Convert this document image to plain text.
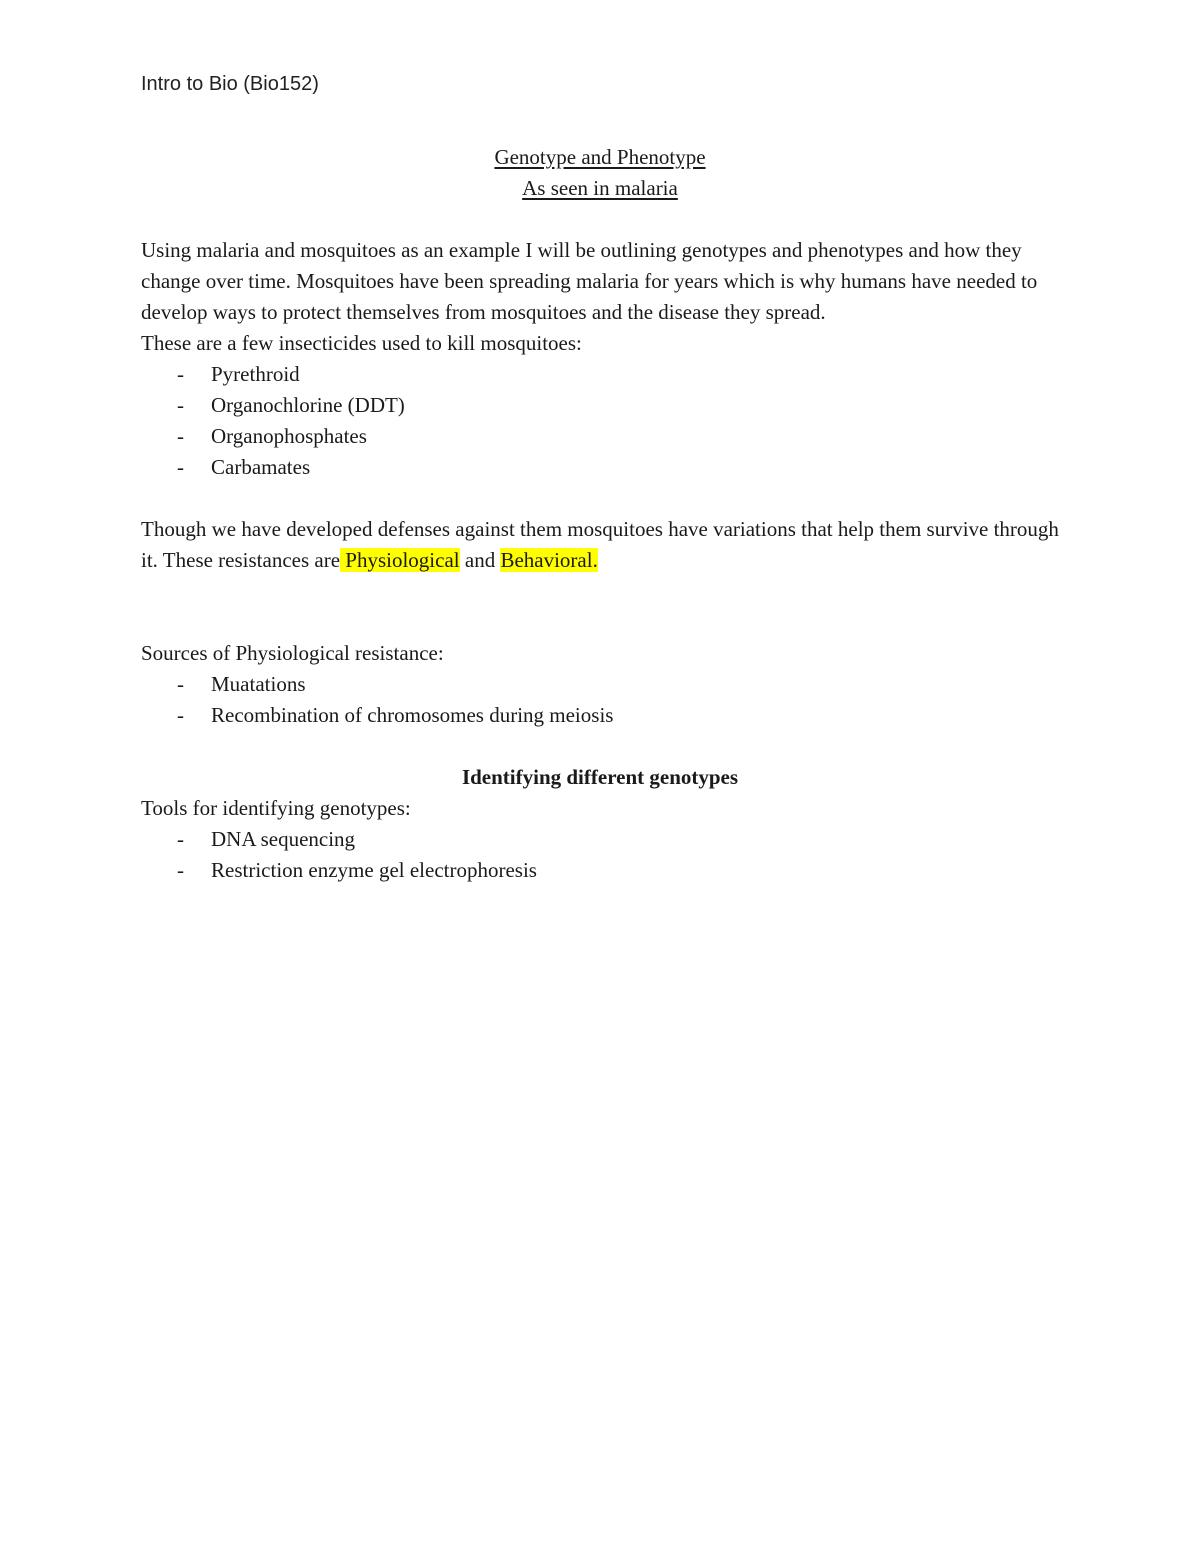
Intro to Bio (Bio152)
Genotype and Phenotype
As seen in malaria

Using malaria and mosquitoes as an example I will be outlining genotypes and phenotypes and how they change over time. Mosquitoes have been spreading malaria for years which is why humans have needed to develop ways to protect themselves from mosquitoes and the disease they spread.

These are a few insecticides used to kill mosquitoes:

- Pyrethroid
- Organochlorine (DDT)
- Organophosphates
- Carbamates

Though we have developed defenses against them mosquitoes have variations that help them survive through it. These resistances are Physiological and Behavioral.

Sources of Physiological resistance:

- Muatations
- Recombination of chromosomes during meiosis
Identifying different genotypes

Tools for identifying genotypes:

- DNA sequencing
- Restriction enzyme gel electrophoresis
